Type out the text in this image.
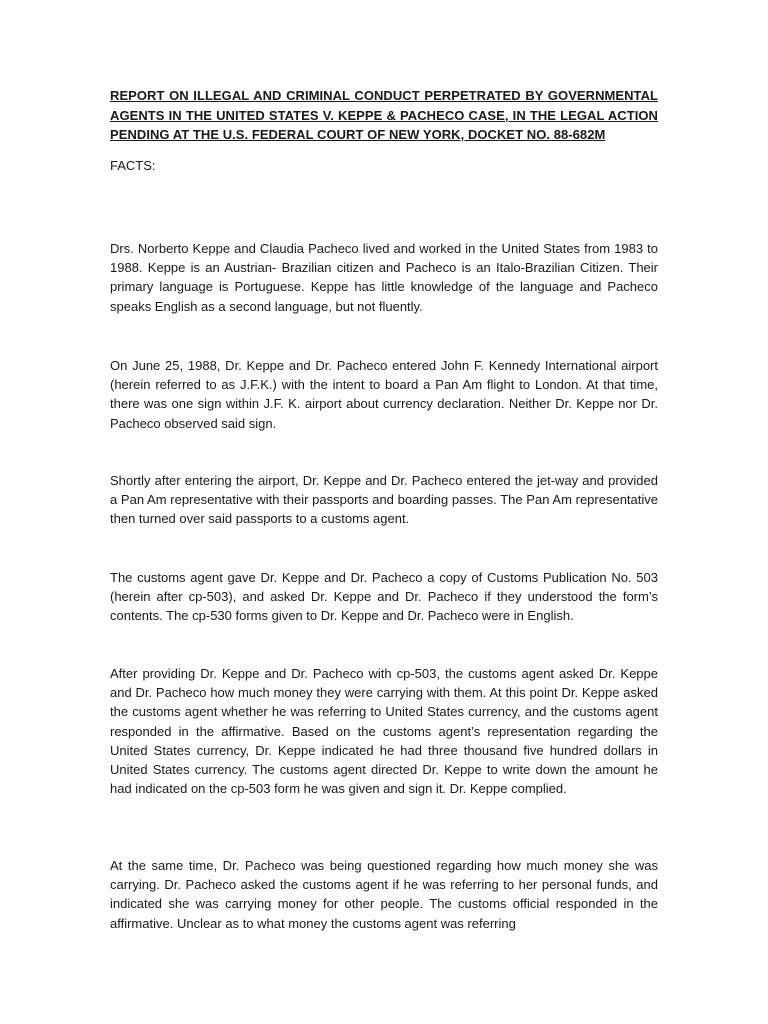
REPORT ON ILLEGAL AND CRIMINAL CONDUCT PERPETRATED BY GOVERNMENTAL AGENTS IN THE UNITED STATES V. KEPPE & PACHECO CASE, IN THE LEGAL ACTION PENDING AT THE U.S. FEDERAL COURT OF NEW YORK, DOCKET NO. 88-682M

FACTS:

Drs. Norberto Keppe and Claudia Pacheco lived and worked in the United States from 1983 to 1988. Keppe is an Austrian- Brazilian citizen and Pacheco is an Italo-Brazilian Citizen. Their primary language is Portuguese. Keppe has little knowledge of the language and Pacheco speaks English as a second language, but not fluently.

On June 25, 1988, Dr. Keppe and Dr. Pacheco entered John F. Kennedy International airport (herein referred to as J.F.K.) with the intent to board a Pan Am flight to London. At that time, there was one sign within J.F. K. airport about currency declaration. Neither Dr. Keppe nor Dr. Pacheco observed said sign.

Shortly after entering the airport, Dr. Keppe and Dr. Pacheco entered the jet-way and provided a Pan Am representative with their passports and boarding passes. The Pan Am representative then turned over said passports to a customs agent.

The customs agent gave Dr. Keppe and Dr. Pacheco a copy of Customs Publication No. 503 (herein after cp-503), and asked Dr. Keppe and Dr. Pacheco if they understood the form’s contents. The cp-530 forms given to Dr. Keppe and Dr. Pacheco were in English.

After providing Dr. Keppe and Dr. Pacheco with cp-503, the customs agent asked Dr. Keppe and Dr. Pacheco how much money they were carrying with them. At this point Dr. Keppe asked the customs agent whether he was referring to United States currency, and the customs agent responded in the affirmative. Based on the customs agent’s representation regarding the United States currency, Dr. Keppe indicated he had three thousand five hundred dollars in United States currency. The customs agent directed Dr. Keppe to write down the amount he had indicated on the cp-503 form he was given and sign it. Dr. Keppe complied.

At the same time, Dr. Pacheco was being questioned regarding how much money she was carrying. Dr. Pacheco asked the customs agent if he was referring to her personal funds, and indicated she was carrying money for other people. The customs official responded in the affirmative. Unclear as to what money the customs agent was referring
